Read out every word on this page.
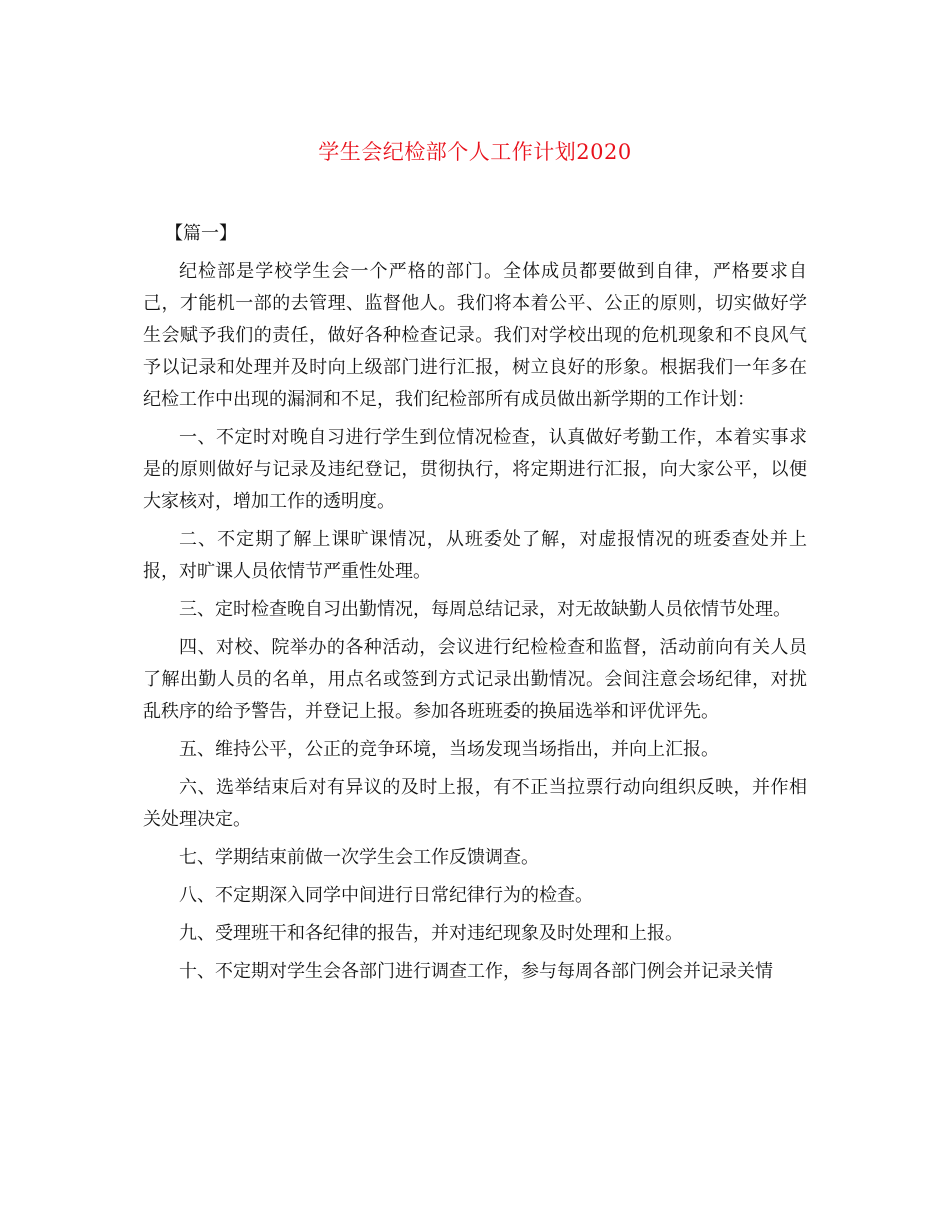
学生会纪检部个人工作计划2020

【篇一】

纪检部是学校学生会一个严格的部门。全体成员都要做到自律，严格要求自己，才能机一部的去管理、监督他人。我们将本着公平、公正的原则，切实做好学生会赋予我们的责任，做好各种检查记录。我们对学校出现的危机现象和不良风气予以记录和处理并及时向上级部门进行汇报，树立良好的形象。根据我们一年多在纪检工作中出现的漏洞和不足，我们纪检部所有成员做出新学期的工作计划：

一、不定时对晚自习进行学生到位情况检查，认真做好考勤工作，本着实事求是的原则做好与记录及违纪登记，贯彻执行，将定期进行汇报，向大家公平，以便大家核对，增加工作的透明度。

二、不定期了解上课旷课情况，从班委处了解，对虚报情况的班委查处并上报，对旷课人员依情节严重性处理。

三、定时检查晚自习出勤情况，每周总结记录，对无故缺勤人员依情节处理。

四、对校、院举办的各种活动，会议进行纪检检查和监督，活动前向有关人员了解出勤人员的名单，用点名或签到方式记录出勤情况。会间注意会场纪律，对扰乱秩序的给予警告，并登记上报。参加各班班委的换届选举和评优评先。

五、维持公平，公正的竞争环境，当场发现当场指出，并向上汇报。

六、选举结束后对有异议的及时上报，有不正当拉票行动向组织反映，并作相关处理决定。

七、学期结束前做一次学生会工作反馈调查。

八、不定期深入同学中间进行日常纪律行为的检查。

九、受理班干和各纪律的报告，并对违纪现象及时处理和上报。

十、不定期对学生会各部门进行调查工作，参与每周各部门例会并记录关情
